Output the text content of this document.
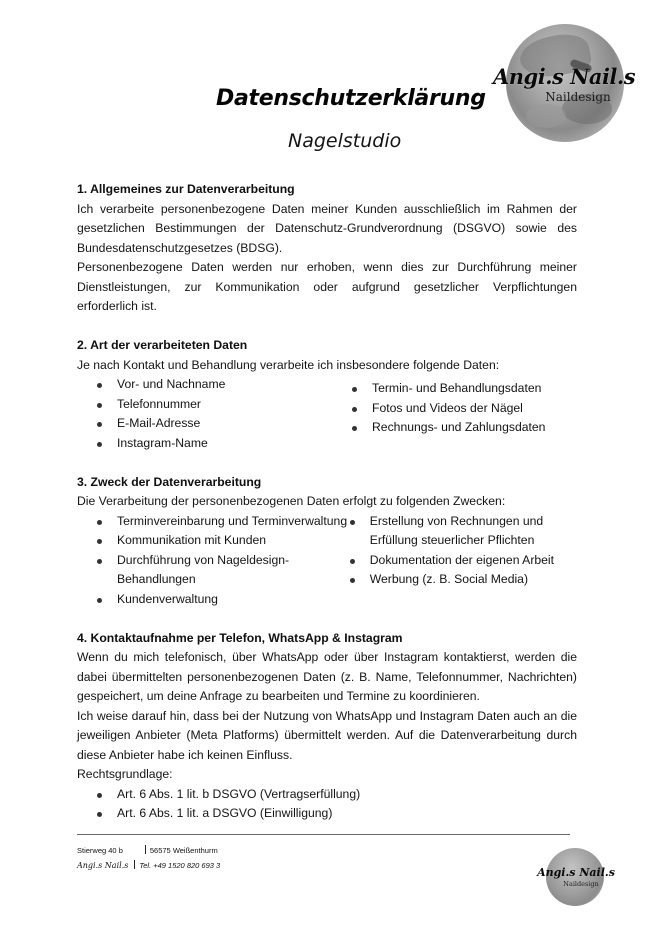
Angi.s Nail.s
Naildesign
Datenschutzerklärung
Nagelstudio
1. Allgemeines zur Datenverarbeitung

Ich verarbeite personenbezogene Daten meiner Kunden ausschließlich im Rahmen der gesetzlichen Bestimmungen der Datenschutz-Grundverordnung (DSGVO) sowie des Bundesdatenschutzgesetzes (BDSG).

Personenbezogene Daten werden nur erhoben, wenn dies zur Durchführung meiner Dienstleistungen, zur Kommunikation oder aufgrund gesetzlicher Verpflichtungen erforderlich ist.

2. Art der verarbeiteten Daten

Je nach Kontakt und Behandlung verarbeite ich insbesondere folgende Daten:

Vor- und Nachname
Telefonnummer
E-Mail-Adresse
Instagram-Name
Termin- und Behandlungsdaten
Fotos und Videos der Nägel
Rechnungs- und Zahlungsdaten
3. Zweck der Datenverarbeitung

Die Verarbeitung der personenbezogenen Daten erfolgt zu folgenden Zwecken:

Terminvereinbarung und Terminverwaltung
Kommunikation mit Kunden
Durchführung von Nageldesign-Behandlungen
Kundenverwaltung
Erstellung von Rechnungen und Erfüllung steuerlicher Pflichten
Dokumentation der eigenen Arbeit
Werbung (z. B. Social Media)
4. Kontaktaufnahme per Telefon, WhatsApp & Instagram

Wenn du mich telefonisch, über WhatsApp oder über Instagram kontaktierst, werden die dabei übermittelten personenbezogenen Daten (z. B. Name, Telefonnummer, Nachrichten) gespeichert, um deine Anfrage zu bearbeiten und Termine zu koordinieren.

Ich weise darauf hin, dass bei der Nutzung von WhatsApp und Instagram Daten auch an die jeweiligen Anbieter (Meta Platforms) übermittelt werden. Auf die Datenverarbeitung durch diese Anbieter habe ich keinen Einfluss.

Rechtsgrundlage:

Art. 6 Abs. 1 lit. b DSGVO (Vertragserfüllung)
Art. 6 Abs. 1 lit. a DSGVO (Einwilligung)
Stierweg 40 b	56575 Weißenthurm
Angi.s Nail.s Tel. +49 1520 820 693 3
Angi.s Nail.s
Naildesign
